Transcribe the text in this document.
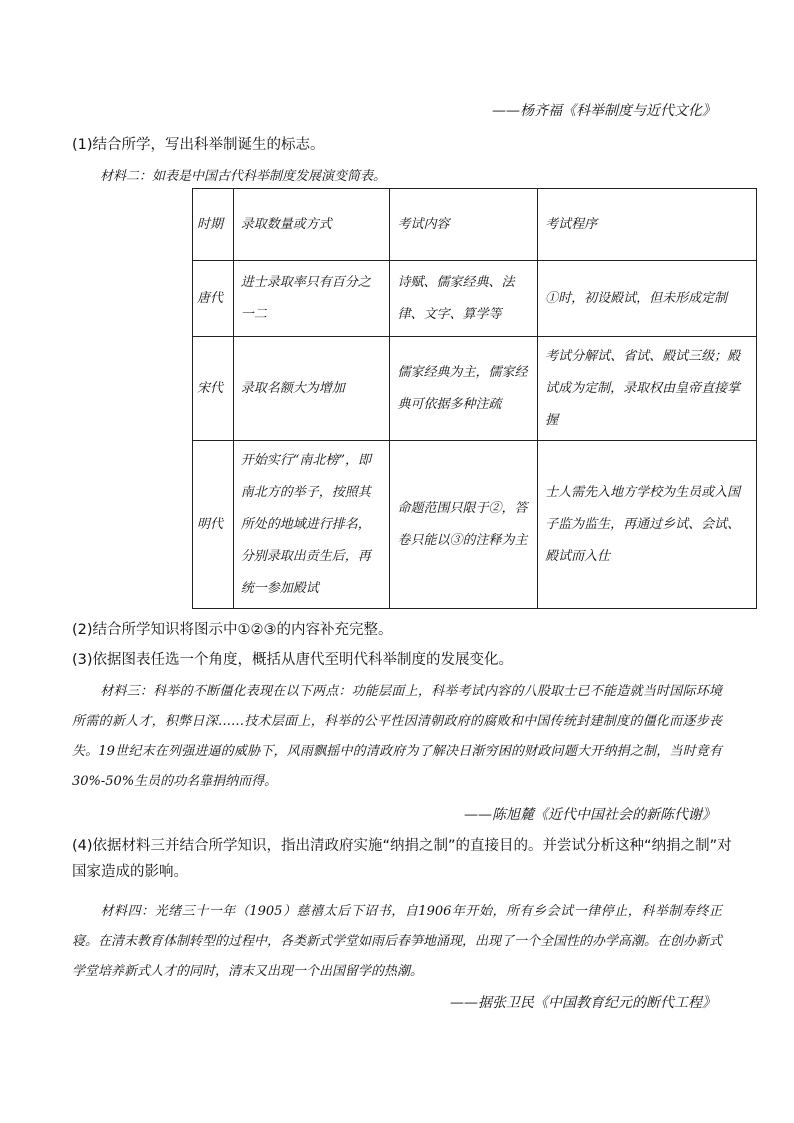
——杨齐福《科举制度与近代文化》
(1)结合所学，写出科举制诞生的标志。
材料二：如表是中国古代科举制度发展演变简表。
时期	录取数量或方式	考试内容	考试程序
唐代	进士录取率只有百分之一二	诗赋、儒家经典、法律、文字、算学等	①时，初设殿试，但未形成定制
宋代	录取名额大为增加	儒家经典为主，儒家经典可依据多种注疏	考试分解试、省试、殿试三级；殿试成为定制，录取权由皇帝直接掌握
明代	开始实行“南北榜”，即南北方的举子，按照其所处的地域进行排名，分别录取出贡生后，再统一参加殿试	命题范围只限于②，答卷只能以③的注释为主	士人需先入地方学校为生员或入国子监为监生，再通过乡试、会试、殿试而入仕
(2)结合所学知识将图示中①②③的内容补充完整。
(3)依据图表任选一个角度，概括从唐代至明代科举制度的发展变化。
材料三：科举的不断僵化表现在以下两点：功能层面上，科举考试内容的八股取士已不能造就当时国际环境所需的新人才，积弊日深……技术层面上，科举的公平性因清朝政府的腐败和中国传统封建制度的僵化而逐步丧失。19世纪末在列强进逼的威胁下，风雨飘摇中的清政府为了解决日渐穷困的财政问题大开纳捐之制，当时竟有30%-50%生员的功名靠捐纳而得。
——陈旭麓《近代中国社会的新陈代谢》
(4)依据材料三并结合所学知识，指出清政府实施“纳捐之制”的直接目的。并尝试分析这种“纳捐之制”对国家造成的影响。
材料四：光绪三十一年（1905）慈禧太后下诏书，自1906年开始，所有乡会试一律停止，科举制寿终正寝。在清末教育体制转型的过程中，各类新式学堂如雨后春笋地涌现，出现了一个全国性的办学高潮。在创办新式学堂培养新式人才的同时，清末又出现一个出国留学的热潮。
——据张卫民《中国教育纪元的断代工程》
